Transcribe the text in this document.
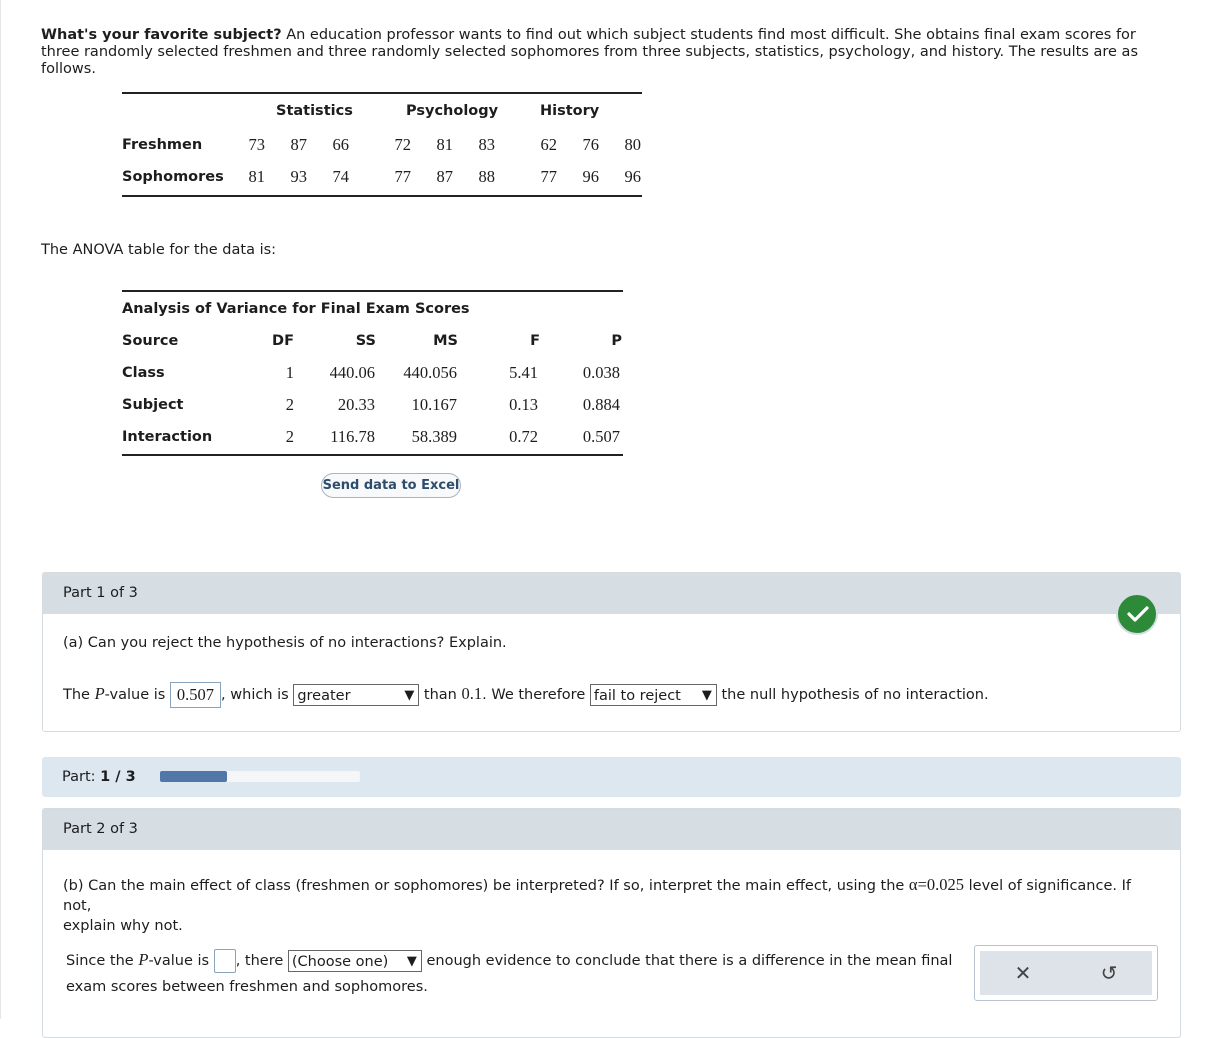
What's your favorite subject? An education professor wants to find out which subject students find most difficult. She obtains final exam scores for three randomly selected freshmen and three randomly selected sophomores from three subjects, statistics, psychology, and history. The results are as follows.
Statistics	Psychology	History
Freshmen	73	87	66	72	81	83	62	76	80
Sophomores	81	93	74	77	87	88	77	96	96
The ANOVA table for the data is:
Analysis of Variance for Final Exam Scores
Source	DF	SS	MS	F	P
Class	1	440.06	440.056	5.41	0.038
Subject	2	20.33	10.167	0.13	0.884
Interaction	2	116.78	58.389	0.72	0.507
Send data to Excel
Part 1 of 3
(a) Can you reject the hypothesis of no interactions? Explain.
The P-value is 0.507 , which is greater	▼ than 0.1. We therefore fail to reject ▼ the null hypothesis of no interaction.
Part: 1 / 3
Part 2 of 3
(b) Can the main effect of class (freshmen or sophomores) be interpreted? If so, interpret the main effect, using the α=0.025 level of significance. If not,
explain why not.
Since the P-value is , there (Choose one) ▼ enough evidence to conclude that there is a difference in the mean final
exam scores between freshmen and sophomores.
✕	↺
